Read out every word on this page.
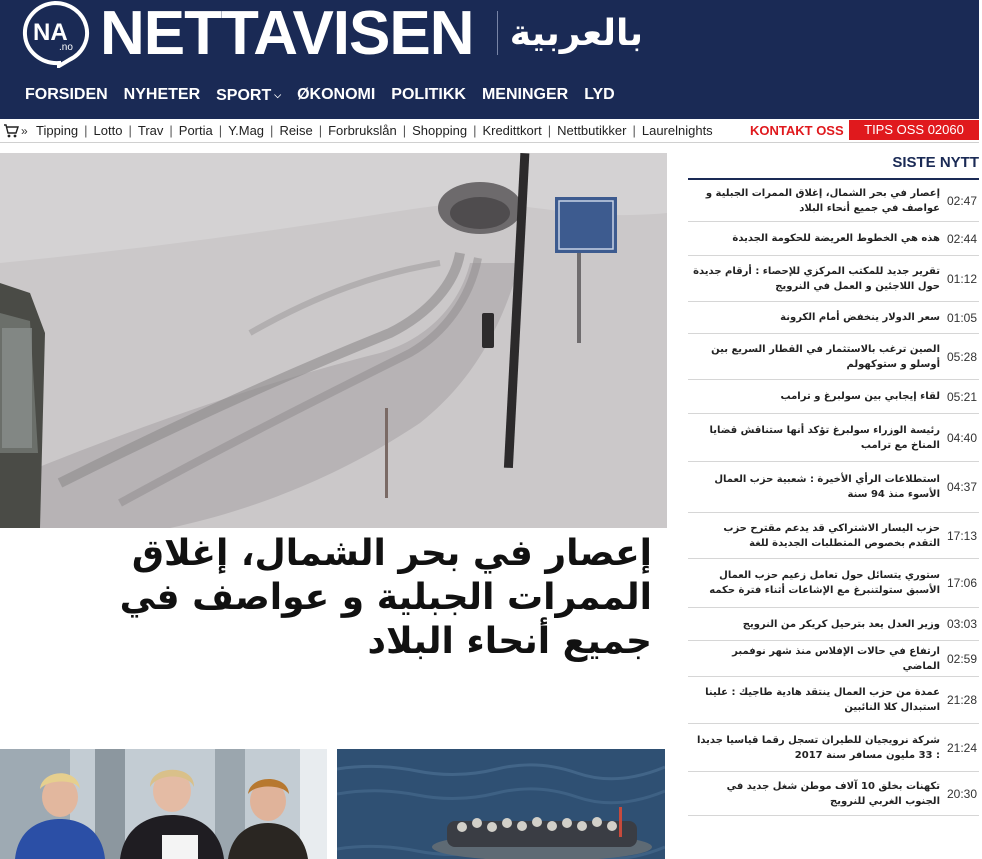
NA
.no NETTAVISEN بالعربية
FORSIDEN NYHETER SPORT ⌵ ØKONOMI POLITIKK MENINGER LYD
» Tipping | Lotto | Trav | Portia | Y.Mag | Reise | Forbrukslån | Shopping | Kredittkort | Nettbutikker | Laurelnights	KONTAKT OSS	TIPS OSS 02060
إعصار في بحر الشمال، إغلاق الممرات الجبلية و عواصف في جميع أنحاء البلاد
SISTE NYTT
إعصار في بحر الشمال، إغلاق الممرات الجبلية و عواصف في جميع أنحاء البلاد
02:47
هذه هي الخطوط العريضة للحكومة الجديدة 02:44
تقرير جديد للمكتب المركزي للإحصاء : أرقام جديدة حول اللاجئين و العمل في النرويج
01:12
سعر الدولار ينخفض أمام الكرونة 01:05
الصين ترغب بالاستثمار في القطار السريع بين أوسلو و ستوكهولم
05:28
لقاء إيجابي بين سولبرغ و ترامب 05:21
رئيسة الوزراء سولبرغ تؤكد أنها ستناقش قضايا المناخ مع ترامب
04:40
استطلاعات الرأي الأخيرة : شعبية حزب العمال الأسوء منذ 94 سنة
04:37
حزب اليسار الاشتراكي قد يدعم مقترح حزب التقدم بخصوص المتطلبات الجديدة للغة
17:13
ستوري يتسائل حول تعامل زعيم حزب العمال الأسبق ستولتنبرغ مع الإشاعات أثناء فترة حكمه
17:06
وزير العدل يعد بترحيل كريكر من النرويج 03:03
ارتفاع في حالات الإفلاس منذ شهر نوفمبر الماضي
02:59
عمدة من حزب العمال ينتقد هادية طاجيك : علينا استبدال كلا النائبين
21:28
شركة نرويجيان للطيران تسجل رقما قياسيا جديدا : 33 مليون مسافر سنة 2017
21:24
تكهنات بخلق 10 آلاف موطن شغل جديد في الجنوب الغربي للنرويج
20:30
